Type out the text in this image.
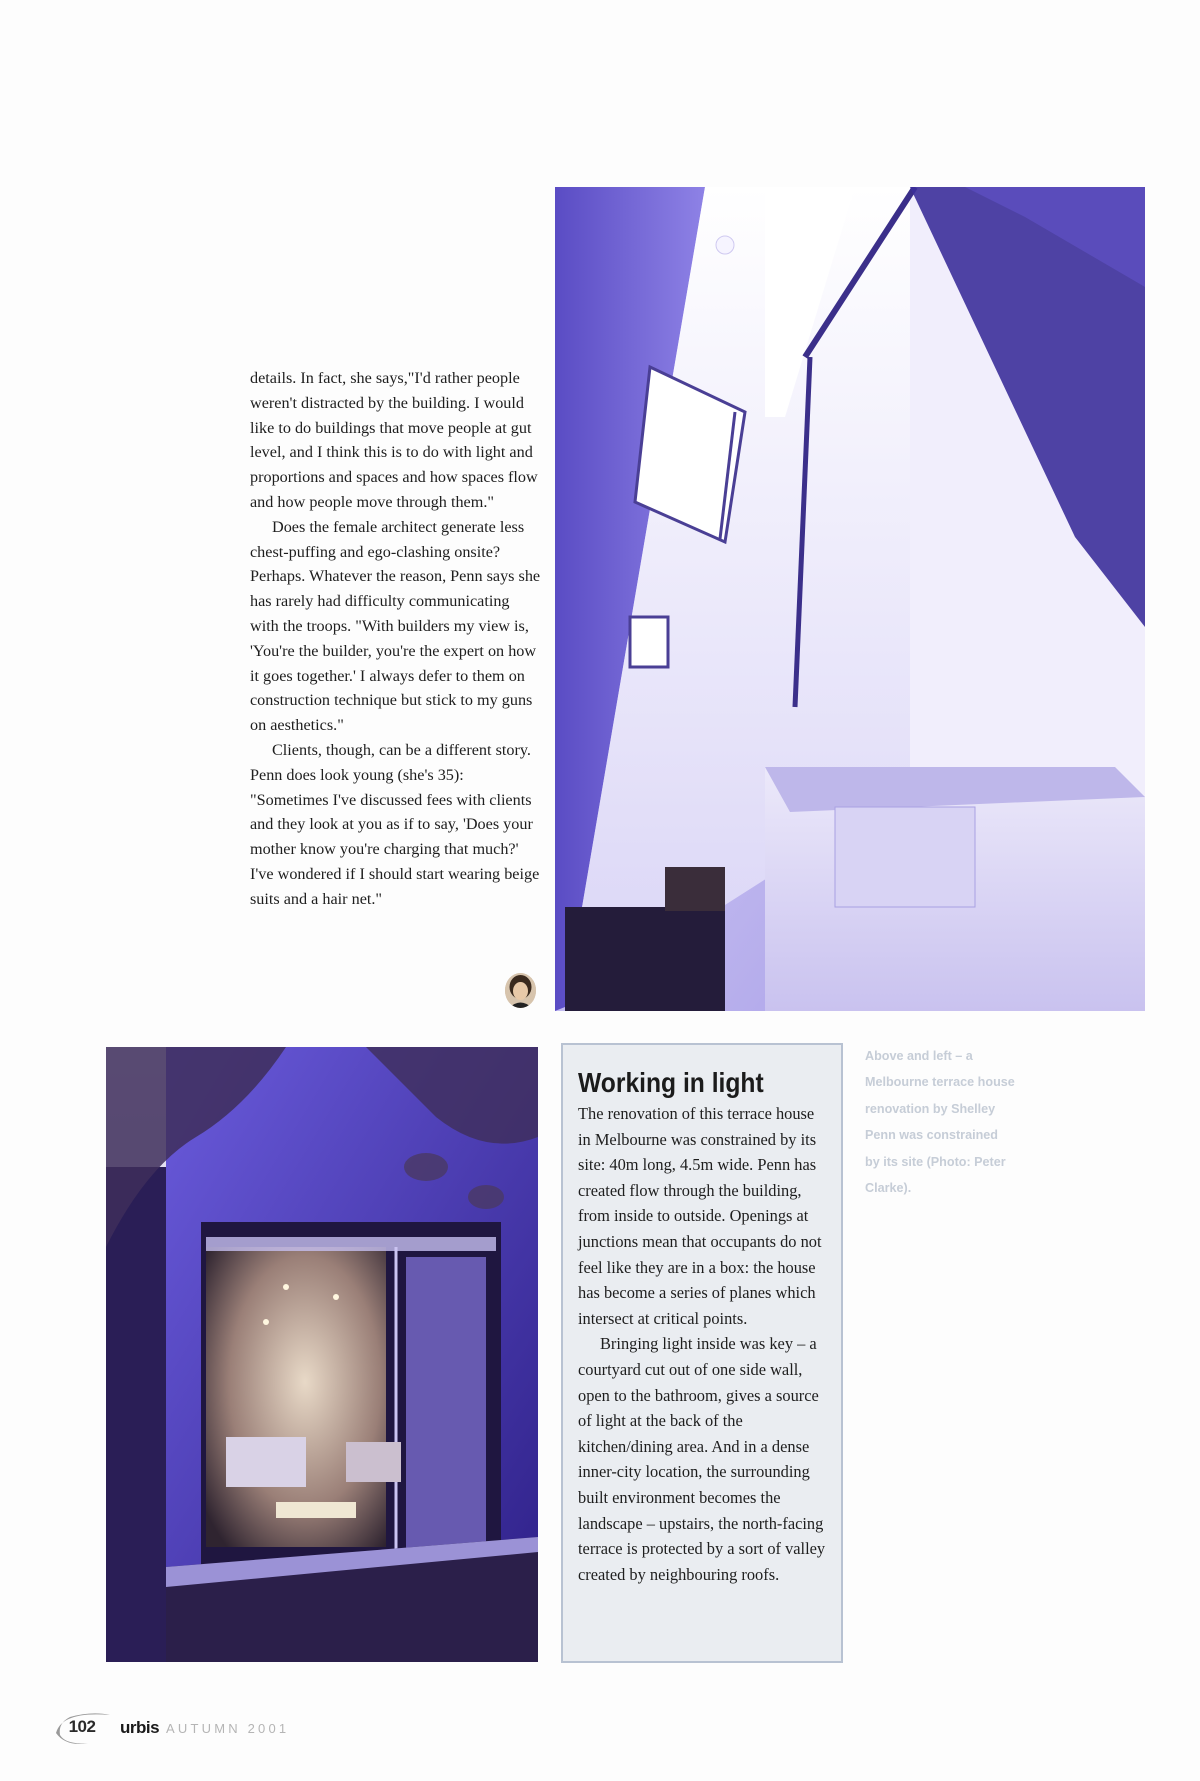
details. In fact, she says,"I'd rather people weren't distracted by the building. I would like to do buildings that move people at gut level, and I think this is to do with light and proportions and spaces and how spaces flow and how people move through them."

Does the female architect generate less chest-puffing and ego-clashing onsite? Perhaps. Whatever the reason, Penn says she has rarely had difficulty communicating with the troops. "With builders my view is, 'You're the builder, you're the expert on how it goes together.' I always defer to them on construction technique but stick to my guns on aesthetics."

Clients, though, can be a different story. Penn does look young (she's 35): "Sometimes I've discussed fees with clients and they look at you as if to say, 'Does your mother know you're charging that much?' I've wondered if I should start wearing beige suits and a hair net."

Working in light

The renovation of this terrace house in Melbourne was constrained by its site: 40m long, 4.5m wide. Penn has created flow through the building, from inside to outside. Openings at junctions mean that occupants do not feel like they are in a box: the house has become a series of planes which intersect at critical points.

Bringing light inside was key – a courtyard cut out of one side wall, open to the bathroom, gives a source of light at the back of the kitchen/dining area. And in a dense inner-city location, the surrounding built environment becomes the landscape – upstairs, the north-facing terrace is protected by a sort of valley created by neighbouring roofs.

Above and left – a Melbourne terrace house renovation by Shelley Penn was constrained by its site (Photo: Peter Clarke).
102	urbis AUTUMN 2001
